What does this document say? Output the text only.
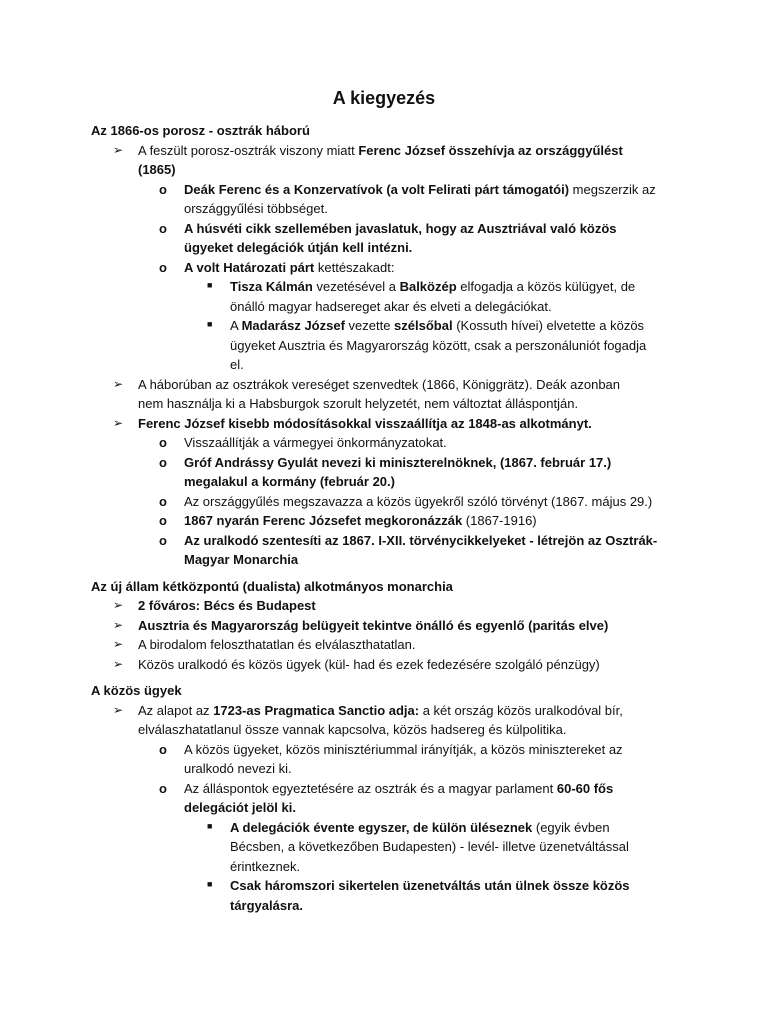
A kiegyezés

Az 1866-os porosz - osztrák háború

➢ A feszült porosz-osztrák viszony miatt Ferenc József összehívja az országgyűlést
(1865)
o Deák Ferenc és a Konzervatívok (a volt Felirati párt támogatói) megszerzik az
országgyűlési többséget.
o A húsvéti cikk szellemében javaslatuk, hogy az Ausztriával való közös
ügyeket delegációk útján kell intézni.
o A volt Határozati párt kettészakadt:
■ Tisza Kálmán vezetésével a Balközép elfogadja a közös külügyet, de
önálló magyar hadsereget akar és elveti a delegációkat.
■ A Madarász József vezette szélsőbal (Kossuth hívei) elvetette a közös
ügyeket Ausztria és Magyarország között, csak a perszonáluniót fogadja
el.
➢ A háborúban az osztrákok vereséget szenvedtek (1866, Königgrätz). Deák azonban
nem használja ki a Habsburgok szorult helyzetét, nem változtat álláspontján.
➢ Ferenc József kisebb módosításokkal visszaállítja az 1848-as alkotmányt.
o Visszaállítják a vármegyei önkormányzatokat.
o Gróf Andrássy Gyulát nevezi ki miniszterelnöknek, (1867. február 17.)
megalakul a kormány (február 20.)
o Az országgyűlés megszavazza a közös ügyekről szóló törvényt (1867. május 29.)
o 1867 nyarán Ferenc Józsefet megkoronázzák (1867-1916)
o Az uralkodó szentesíti az 1867. I-XII. törvénycikkelyeket - létrejön az Osztrák-
Magyar Monarchia

Az új állam kétközpontú (dualista) alkotmányos monarchia

➢ 2 főváros: Bécs és Budapest
➢ Ausztria és Magyarország belügyeit tekintve önálló és egyenlő (paritás elve)
➢ A birodalom feloszthatatlan és elválaszthatatlan.
➢ Közös uralkodó és közös ügyek (kül- had és ezek fedezésére szolgáló pénzügy)

A közös ügyek

➢ Az alapot az 1723-as Pragmatica Sanctio adja: a két ország közös uralkodóval bír,
elválaszhatatlanul össze vannak kapcsolva, közös hadsereg és külpolitika.
o A közös ügyeket, közös minisztériummal irányítják, a közös minisztereket az
uralkodó nevezi ki.
o Az álláspontok egyeztetésére az osztrák és a magyar parlament 60-60 fős
delegációt jelöl ki.
■ A delegációk évente egyszer, de külön üléseznek (egyik évben
Bécsben, a következőben Budapesten) - levél- illetve üzenetváltással
érintkeznek.
■ Csak háromszori sikertelen üzenetváltás után ülnek össze közös
tárgyalásra.
